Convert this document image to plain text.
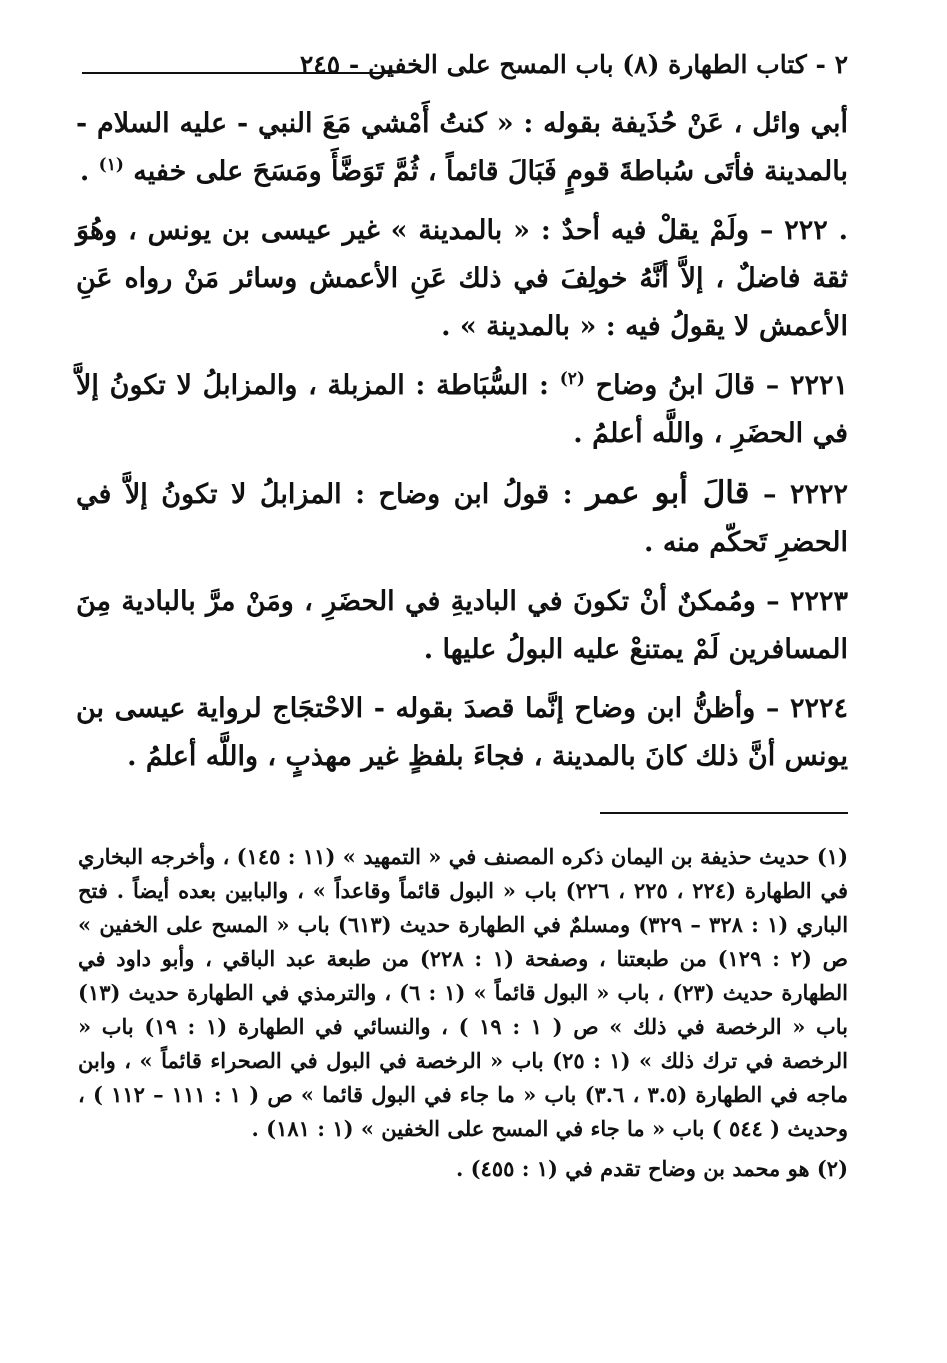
٢ - كتاب الطهارة (٨) باب المسح على الخفين - ٢٤٥

أبي وائل ، عَنْ حُذَيفة بقوله : « كنتُ أَمْشي مَعَ النبي - عليه السلام - بالمدينة فأتَى سُباطةَ قومٍ فَبَالَ قائماً ، ثُمَّ تَوَضَّأَ ومَسَحَ على خفيه $^{(١)}$ .

. ٢٢٢ – ولَمْ يقلْ فيه أحدٌ : « بالمدينة » غير عيسى بن يونس ، وهُوَ ثقة فاضلٌ ، إلاَّ أنَّهُ خولِفَ في ذلك عَنِ الأعمش وسائر مَنْ رواه عَنِ الأعمش لا يقولُ فيه : « بالمدينة » .

٢٢٢١ – قالَ ابنُ وضاح $^{(٢)}$ : السُّبَاطة : المزبلة ، والمزابلُ لا تكونُ إلاَّ في الحضَرِ ، واللَّه أعلمُ .

٢٢٢٢ – قالَ أبو عمر : قولُ ابن وضاح : المزابلُ لا تكونُ إلاَّ في الحضرِ تَحكّم منه .

٢٢٢٣ – ومُمكنٌ أنْ تكونَ في الباديةِ في الحضَرِ ، ومَنْ مرَّ بالبادية مِنَ المسافرين لَمْ يمتنعْ عليه البولُ عليها .

٢٢٢٤ – وأظنُّ ابن وضاح إنَّما قصدَ بقوله - الاحْتجَاج لرواية عيسى بن يونس أنَّ ذلك كانَ بالمدينة ، فجاءَ بلفظٍ غير مهذبٍ ، واللَّه أعلمُ .

(١) حديث حذيفة بن اليمان ذكره المصنف في « التمهيد » (١١ : ١٤٥) ، وأخرجه البخاري في الطهارة (٢٢٤ ، ٢٢٥ ، ٢٢٦) باب « البول قائماً وقاعداً » ، والبابين بعده أيضاً . فتح الباري (١ : ٣٢٨ – ٣٢٩) ومسلمٌ في الطهارة حديث (٦١٣) باب « المسح على الخفين » ص (٢ : ١٢٩) من طبعتنا ، وصفحة (١ : ٢٢٨) من طبعة عبد الباقي ، وأبو داود في الطهارة حديث (٢٣) ، باب « البول قائماً » (١ : ٦) ، والترمذي في الطهارة حديث (١٣) باب « الرخصة في ذلك » ص ( ١ : ١٩ ) ، والنسائي في الطهارة (١ : ١٩) باب « الرخصة في ترك ذلك » (١ : ٢٥) باب « الرخصة في البول في الصحراء قائماً » ، وابن ماجه في الطهارة (٣.٥ ، ٣.٦) باب « ما جاء في البول قائما » ص ( ١ : ١١١ – ١١٢ ) ، وحديث ( ٥٤٤ ) باب « ما جاء في المسح على الخفين » (١ : ١٨١) .

(٢) هو محمد بن وضاح تقدم في (١ : ٤٥٥) .
